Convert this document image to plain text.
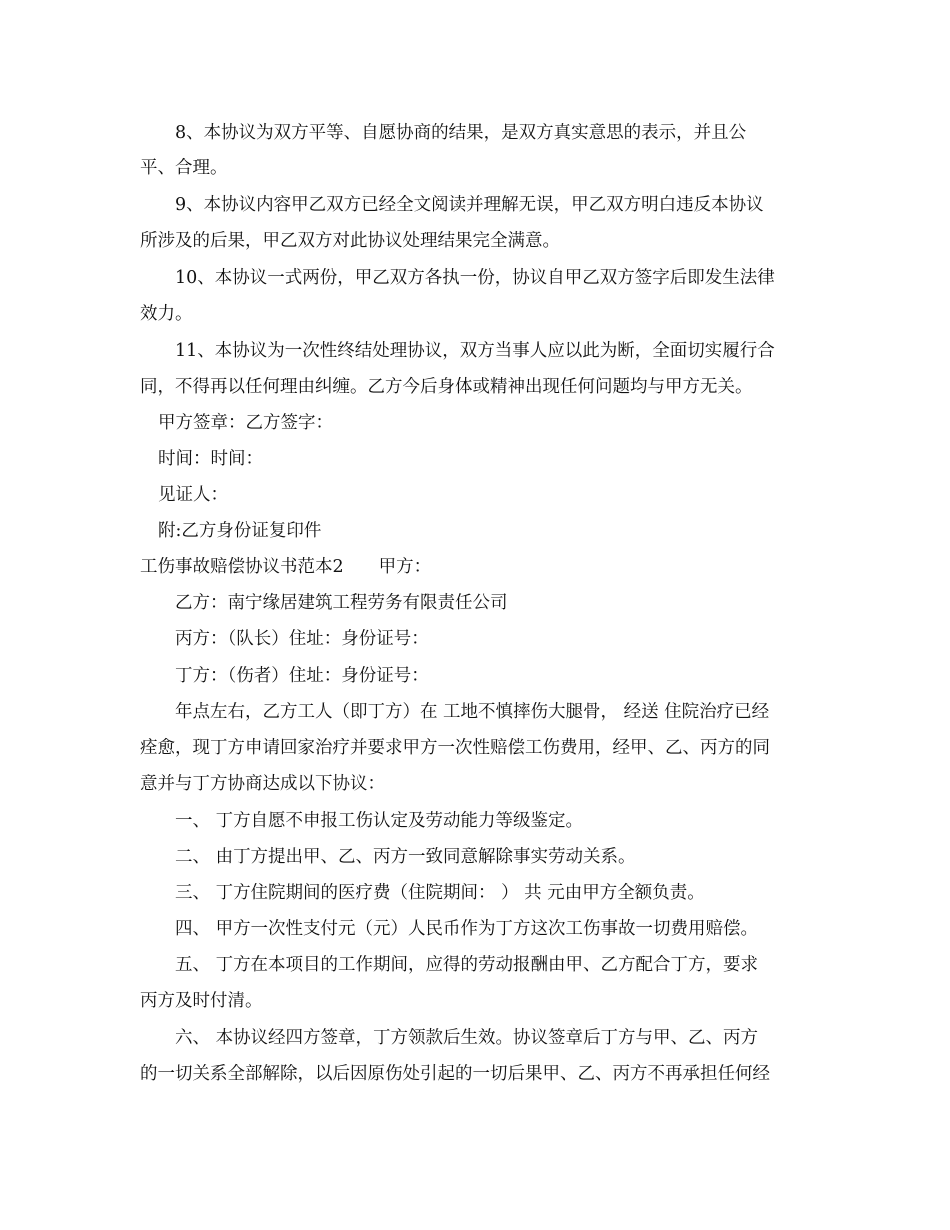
8、本协议为双方平等、自愿协商的结果，是双方真实意思的表示，并且公
平、合理。
9、本协议内容甲乙双方已经全文阅读并理解无误，甲乙双方明白违反本协议
所涉及的后果，甲乙双方对此协议处理结果完全满意。
10、本协议一式两份，甲乙双方各执一份，协议自甲乙双方签字后即发生法律
效力。
11、本协议为一次性终结处理协议，双方当事人应以此为断，全面切实履行合
同，不得再以任何理由纠缠。乙方今后身体或精神出现任何问题均与甲方无关。
甲方签章：乙方签字：
时间：时间：
见证人：
附:乙方身份证复印件
工伤事故赔偿协议书范本2　　甲方：
乙方：南宁缘居建筑工程劳务有限责任公司
丙方：（队长）住址：身份证号：
丁方：（伤者）住址：身份证号：
年点左右，乙方工人（即丁方）在 工地不慎摔伤大腿骨， 经送 住院治疗已经
痊愈，现丁方申请回家治疗并要求甲方一次性赔偿工伤费用，经甲、乙、丙方的同
意并与丁方协商达成以下协议：
一、 丁方自愿不申报工伤认定及劳动能力等级鉴定。
二、 由丁方提出甲、乙、丙方一致同意解除事实劳动关系。
三、 丁方住院期间的医疗费（住院期间： ） 共 元由甲方全额负责。
四、 甲方一次性支付元（元）人民币作为丁方这次工伤事故一切费用赔偿。
五、 丁方在本项目的工作期间，应得的劳动报酬由甲、乙方配合丁方，要求
丙方及时付清。
六、 本协议经四方签章，丁方领款后生效。协议签章后丁方与甲、乙、丙方
的一切关系全部解除，以后因原伤处引起的一切后果甲、乙、丙方不再承担任何经
